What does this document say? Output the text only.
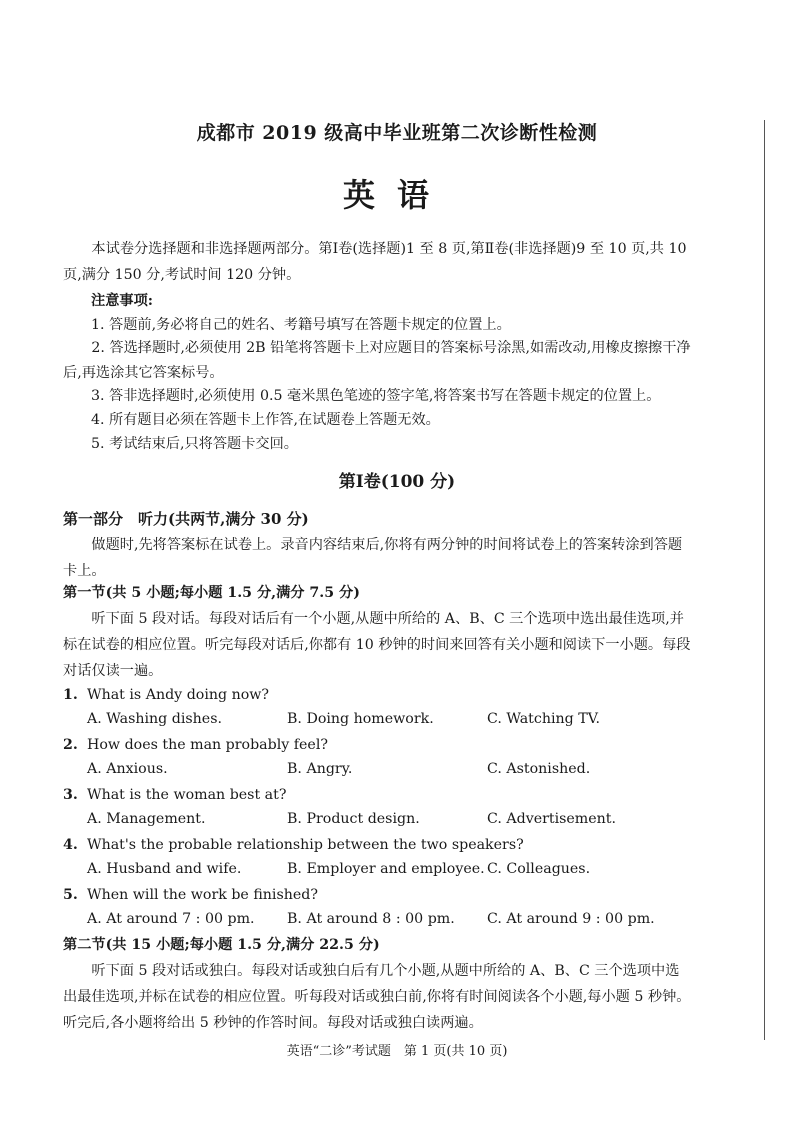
成都市 2019 级高中毕业班第二次诊断性检测
英语
本试卷分选择题和非选择题两部分。第Ⅰ卷(选择题)1 至 8 页,第Ⅱ卷(非选择题)9 至 10 页,共 10 页,满分 150 分,考试时间 120 分钟。
注意事项:
1. 答题前,务必将自己的姓名、考籍号填写在答题卡规定的位置上。
2. 答选择题时,必须使用 2B 铅笔将答题卡上对应题目的答案标号涂黑,如需改动,用橡皮擦擦干净后,再选涂其它答案标号。
3. 答非选择题时,必须使用 0.5 毫米黑色笔迹的签字笔,将答案书写在答题卡规定的位置上。
4. 所有题目必须在答题卡上作答,在试题卷上答题无效。
5. 考试结束后,只将答题卡交回。
第Ⅰ卷(100 分)
第一部分　听力(共两节,满分 30 分)
做题时,先将答案标在试卷上。录音内容结束后,你将有两分钟的时间将试卷上的答案转涂到答题卡上。
第一节(共 5 小题;每小题 1.5 分,满分 7.5 分)
听下面 5 段对话。每段对话后有一个小题,从题中所给的 A、B、C 三个选项中选出最佳选项,并标在试卷的相应位置。听完每段对话后,你都有 10 秒钟的时间来回答有关小题和阅读下一小题。每段对话仅读一遍。
1. What is Andy doing now?
A. Washing dishes.	B. Doing homework.	C. Watching TV.
2. How does the man probably feel?
A. Anxious.	B. Angry.	C. Astonished.
3. What is the woman best at?
A. Management.	B. Product design.	C. Advertisement.
4. What's the probable relationship between the two speakers?
A. Husband and wife.	B. Employer and employee. C. Colleagues.
5. When will the work be finished?
A. At around 7 : 00 pm. B. At around 8 : 00 pm. C. At around 9 : 00 pm.
第二节(共 15 小题;每小题 1.5 分,满分 22.5 分)
听下面 5 段对话或独白。每段对话或独白后有几个小题,从题中所给的 A、B、C 三个选项中选出最佳选项,并标在试卷的相应位置。听每段对话或独白前,你将有时间阅读各个小题,每小题 5 秒钟。听完后,各小题将给出 5 秒钟的作答时间。每段对话或独白读两遍。
英语“二诊”考试题　第 1 页(共 10 页)
